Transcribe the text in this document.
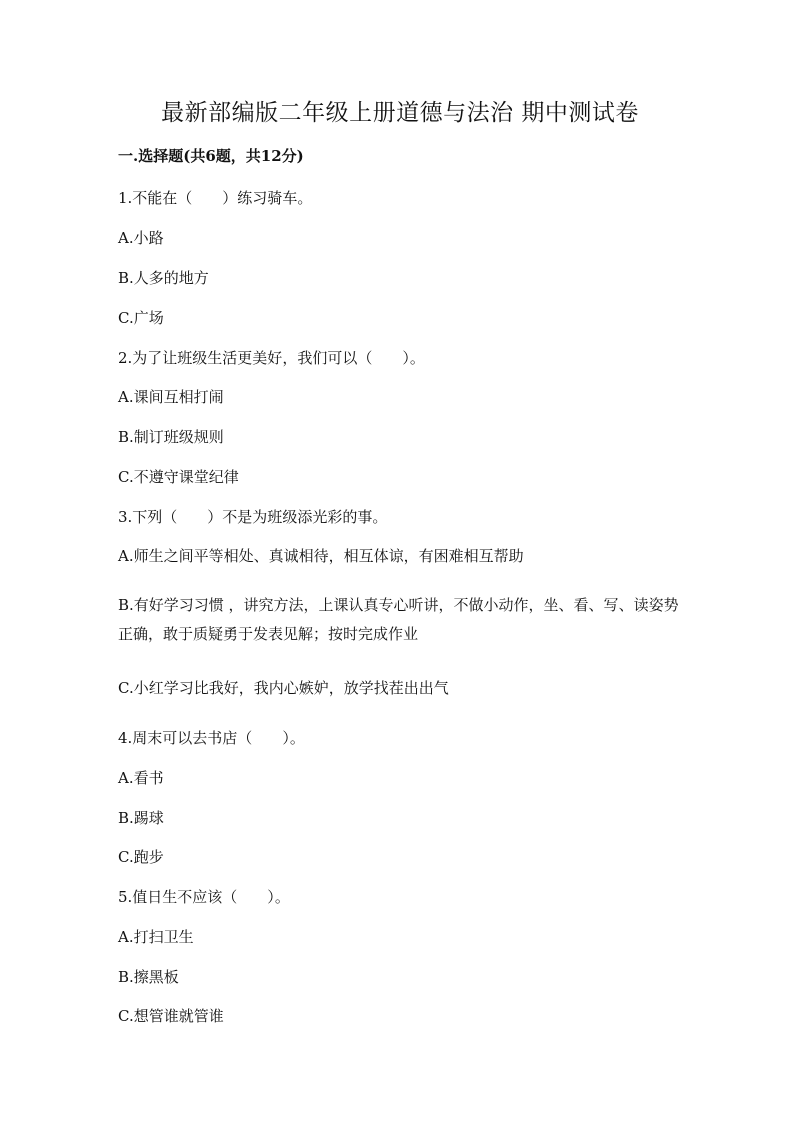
最新部编版二年级上册道德与法治 期中测试卷
一.选择题(共6题，共12分)
1.不能在（　　）练习骑车。
A.小路
B.人多的地方
C.广场
2.为了让班级生活更美好，我们可以（　　）。
A.课间互相打闹
B.制订班级规则
C.不遵守课堂纪律
3.下列（　　）不是为班级添光彩的事。
A.师生之间平等相处、真诚相待，相互体谅，有困难相互帮助
B.有好学习习惯 ，讲究方法，上课认真专心听讲，不做小动作，坐、看、写、读姿势正确，敢于质疑勇于发表见解；按时完成作业
C.小红学习比我好，我内心嫉妒，放学找茬出出气
4.周末可以去书店（　　）。
A.看书
B.踢球
C.跑步
5.值日生不应该（　　）。
A.打扫卫生
B.擦黑板
C.想管谁就管谁
